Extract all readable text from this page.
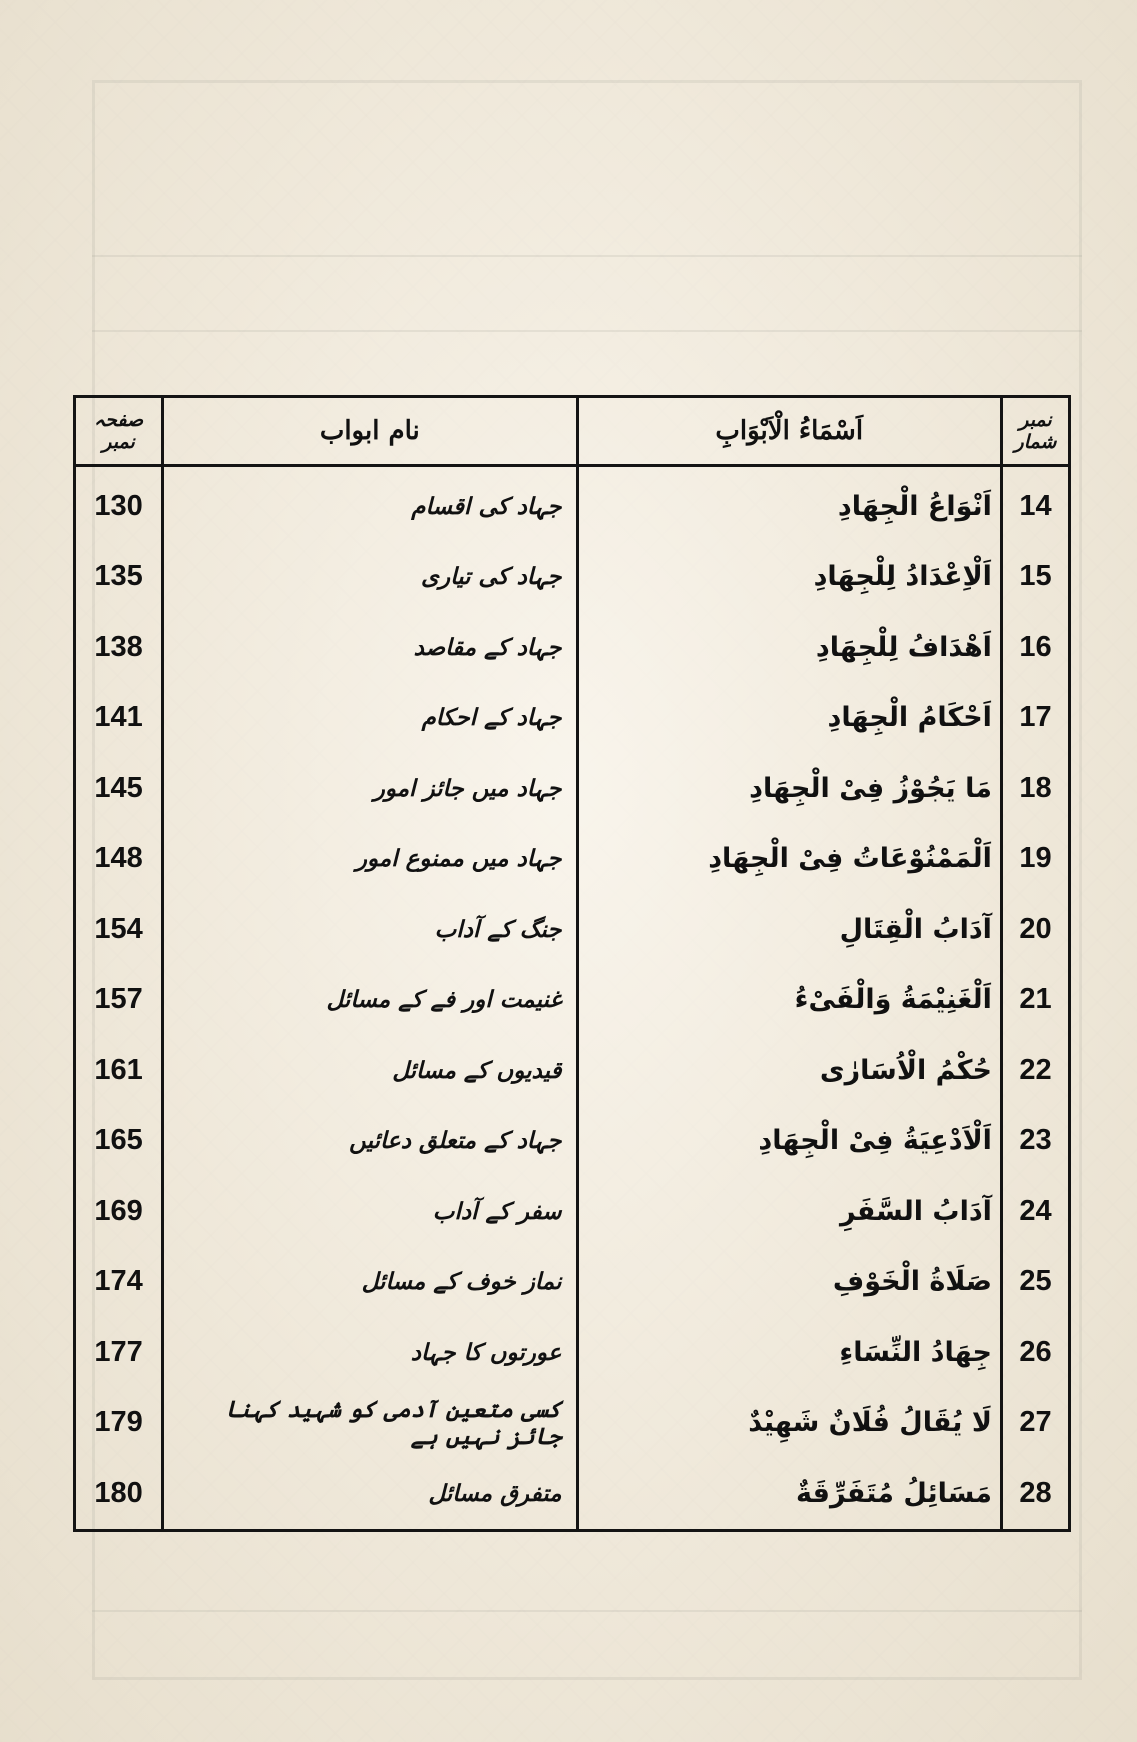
نمبر شمار	اَسْمَاءُ الْاَبْوَابِ	نام ابواب	صفحہ نمبر
14	اَنْوَاعُ الْجِهَادِ	جہاد کی اقسام	130
15	اَلْاِعْدَادُ لِلْجِهَادِ	جہاد کی تیاری	135
16	اَهْدَافُ لِلْجِهَادِ	جہاد کے مقاصد	138
17	اَحْكَامُ الْجِهَادِ	جہاد کے احکام	141
18	مَا يَجُوْزُ فِیْ الْجِهَادِ	جہاد میں جائز امور	145
19	اَلْمَمْنُوْعَاتُ فِیْ الْجِهَادِ	جہاد میں ممنوع امور	148
20	آدَابُ الْقِتَالِ	جنگ کے آداب	154
21	اَلْغَنِيْمَةُ وَالْفَیْءُ	غنیمت اور فے کے مسائل	157
22	حُكْمُ الْاُسَارٰی	قیدیوں کے مسائل	161
23	اَلْاَدْعِيَةُ فِیْ الْجِهَادِ	جہاد کے متعلق دعائیں	165
24	آدَابُ السَّفَرِ	سفر کے آداب	169
25	صَلَاةُ الْخَوْفِ	نماز خوف کے مسائل	174
26	جِهَادُ النِّسَاءِ	عورتوں کا جہاد	177
27	لَا يُقَالُ فُلَانٌ شَهِيْدٌ	کسی متعین آدمی کو شہید کہنا جائز نہیں ہے	179
28	مَسَائِلُ مُتَفَرِّقَةٌ	متفرق مسائل	180
